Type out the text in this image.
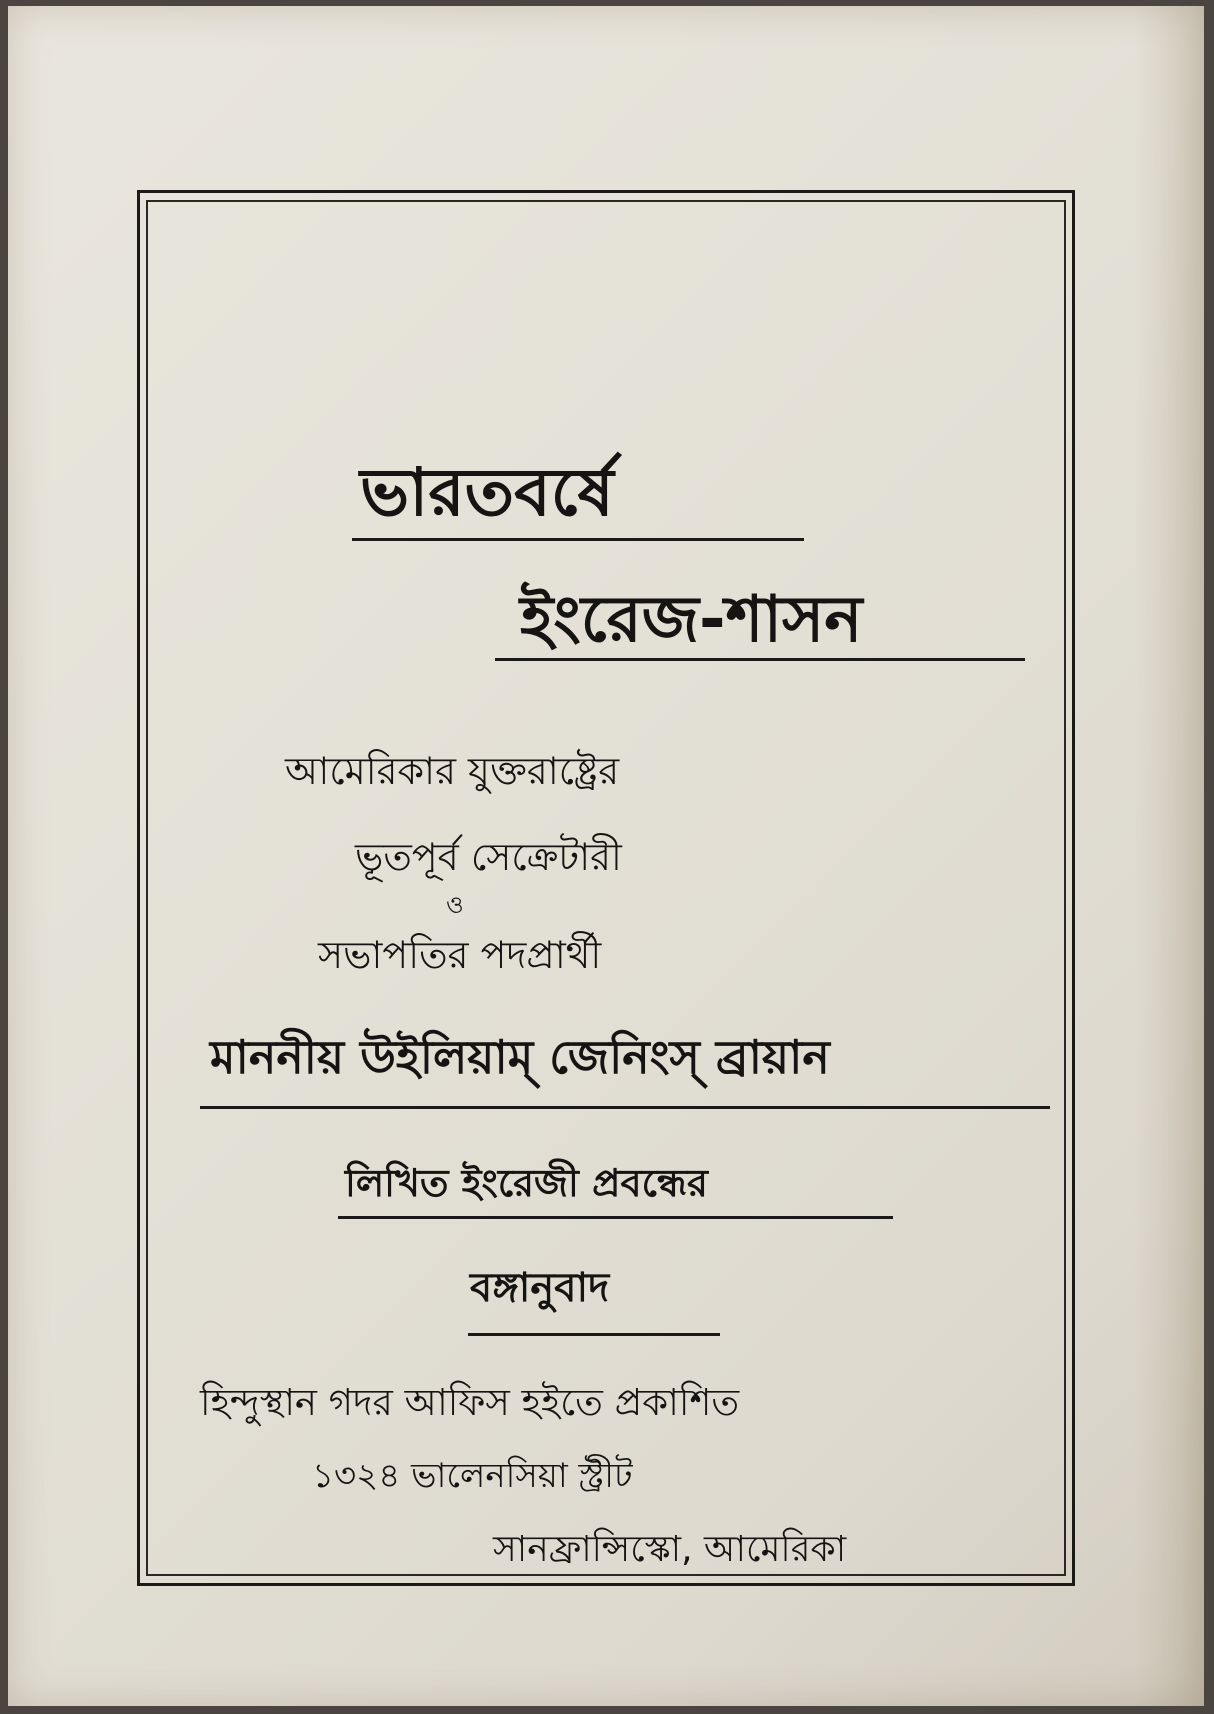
ভারতবর্ষে
ইংরেজ-শাসন
আমেরিকার যুক্তরাষ্ট্রের
ভূতপূর্ব সেক্রেটারী
ও
সভাপতির পদপ্রার্থী
মাননীয় উইলিয়াম্ জেনিংস্ ব্রায়ান
লিখিত ইংরেজী প্রবন্ধের
বঙ্গানুবাদ
হিন্দুস্থান গদর আফিস হইতে প্রকাশিত
১৩২৪ ভালেনসিয়া স্ট্রীট
সানফ্রান্সিস্কো, আমেরিকা
